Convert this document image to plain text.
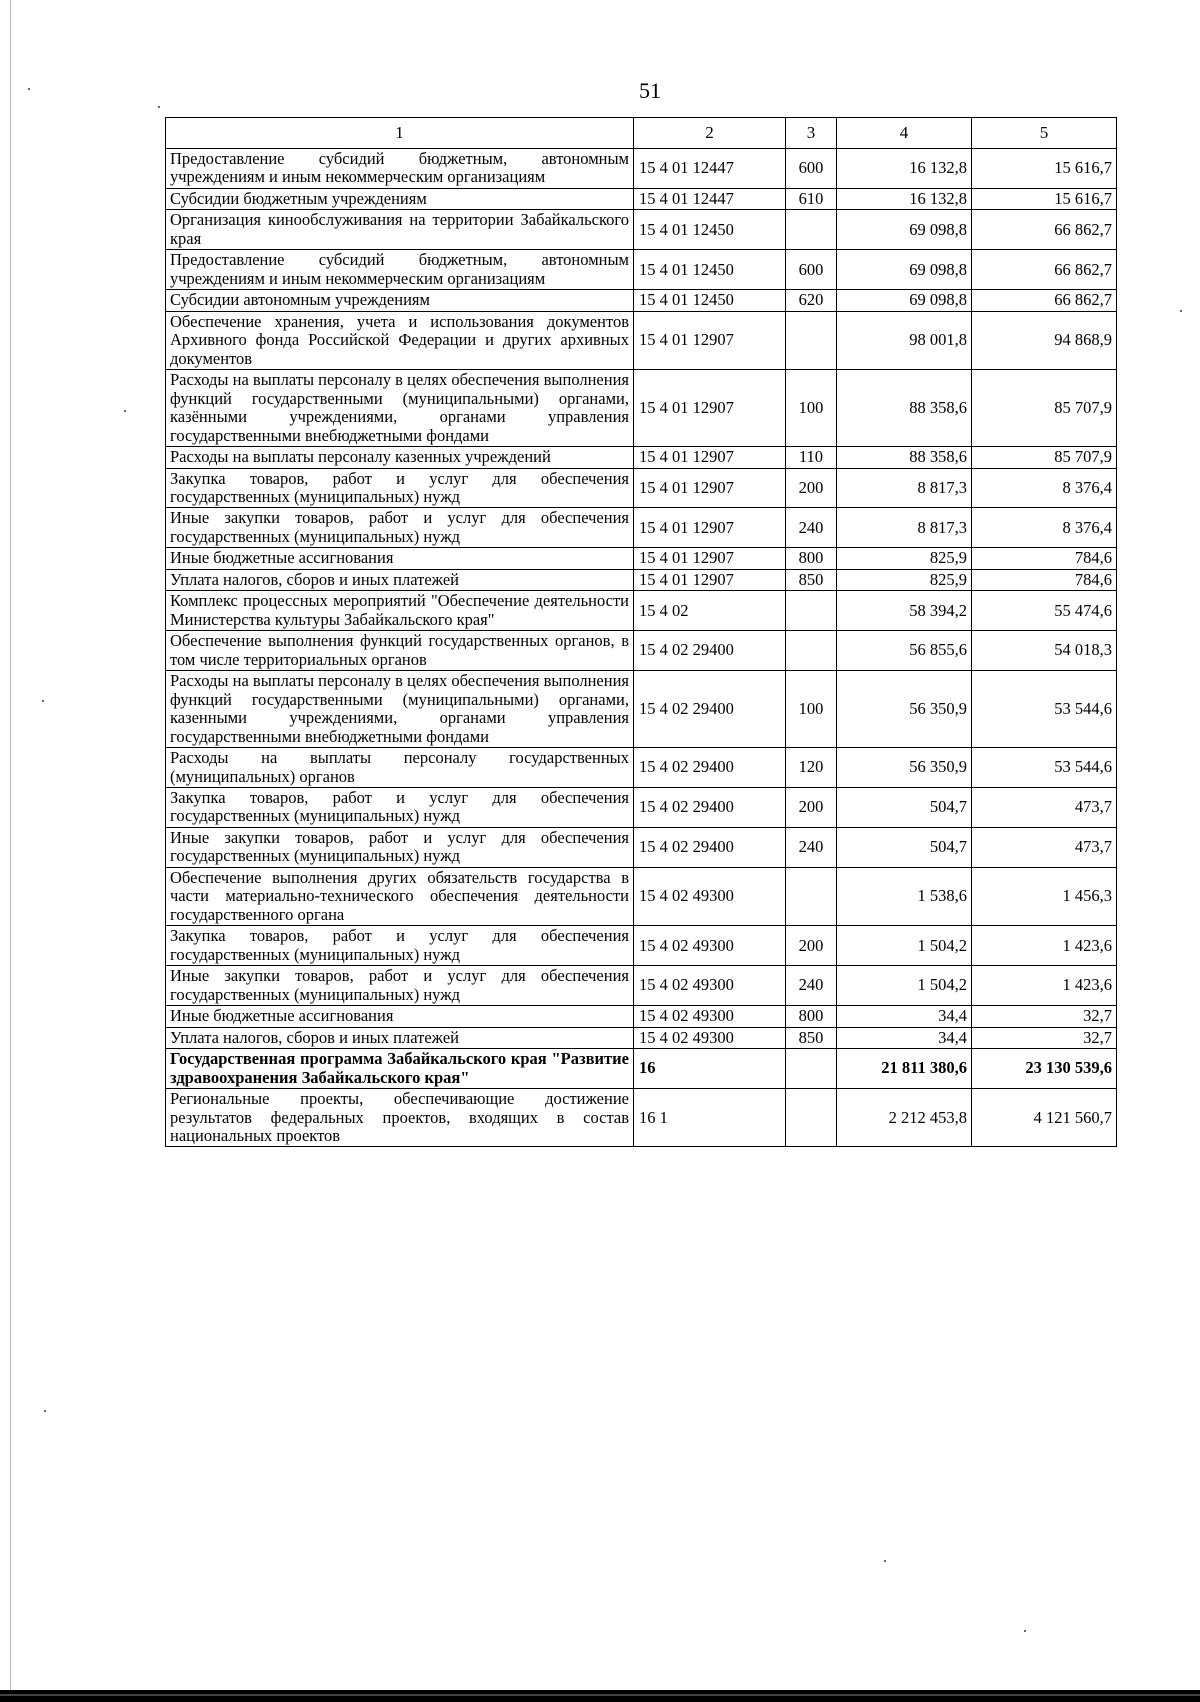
51
1	2	3	4	5
Предоставление субсидий бюджетным, автономным учреждениям и иным некоммерческим организациям	15 4 01 12447	600	16 132,8	15 616,7
Субсидии бюджетным учреждениям	15 4 01 12447	610	16 132,8	15 616,7
Организация кинообслуживания на территории Забайкальского края	15 4 01 12450		69 098,8	66 862,7
Предоставление субсидий бюджетным, автономным учреждениям и иным некоммерческим организациям	15 4 01 12450	600	69 098,8	66 862,7
Субсидии автономным учреждениям	15 4 01 12450	620	69 098,8	66 862,7
Обеспечение хранения, учета и использования документов Архивного фонда Российской Федерации и других архивных документов	15 4 01 12907		98 001,8	94 868,9
Расходы на выплаты персоналу в целях обеспечения выполнения функций государственными (муниципальными) органами, казёнными учреждениями, органами управления государственными внебюджетными фондами	15 4 01 12907	100	88 358,6	85 707,9
Расходы на выплаты персоналу казенных учреждений	15 4 01 12907	110	88 358,6	85 707,9
Закупка товаров, работ и услуг для обеспечения государственных (муниципальных) нужд	15 4 01 12907	200	8 817,3	8 376,4
Иные закупки товаров, работ и услуг для обеспечения государственных (муниципальных) нужд	15 4 01 12907	240	8 817,3	8 376,4
Иные бюджетные ассигнования	15 4 01 12907	800	825,9	784,6
Уплата налогов, сборов и иных платежей	15 4 01 12907	850	825,9	784,6
Комплекс процессных мероприятий "Обеспечение деятельности Министерства культуры Забайкальского края"	15 4 02		58 394,2	55 474,6
Обеспечение выполнения функций государственных органов, в том числе территориальных органов	15 4 02 29400		56 855,6	54 018,3
Расходы на выплаты персоналу в целях обеспечения выполнения функций государственными (муниципальными) органами, казенными учреждениями, органами управления государственными внебюджетными фондами	15 4 02 29400	100	56 350,9	53 544,6
Расходы на выплаты персоналу государственных (муниципальных) органов	15 4 02 29400	120	56 350,9	53 544,6
Закупка товаров, работ и услуг для обеспечения государственных (муниципальных) нужд	15 4 02 29400	200	504,7	473,7
Иные закупки товаров, работ и услуг для обеспечения государственных (муниципальных) нужд	15 4 02 29400	240	504,7	473,7
Обеспечение выполнения других обязательств государства в части материально-технического обеспечения деятельности государственного органа	15 4 02 49300		1 538,6	1 456,3
Закупка товаров, работ и услуг для обеспечения государственных (муниципальных) нужд	15 4 02 49300	200	1 504,2	1 423,6
Иные закупки товаров, работ и услуг для обеспечения государственных (муниципальных) нужд	15 4 02 49300	240	1 504,2	1 423,6
Иные бюджетные ассигнования	15 4 02 49300	800	34,4	32,7
Уплата налогов, сборов и иных платежей	15 4 02 49300	850	34,4	32,7
Государственная программа Забайкальского края "Развитие здравоохранения Забайкальского края"	16		21 811 380,6	23 130 539,6
Региональные проекты, обеспечивающие достижение результатов федеральных проектов, входящих в состав национальных проектов	16 1		2 212 453,8	4 121 560,7
